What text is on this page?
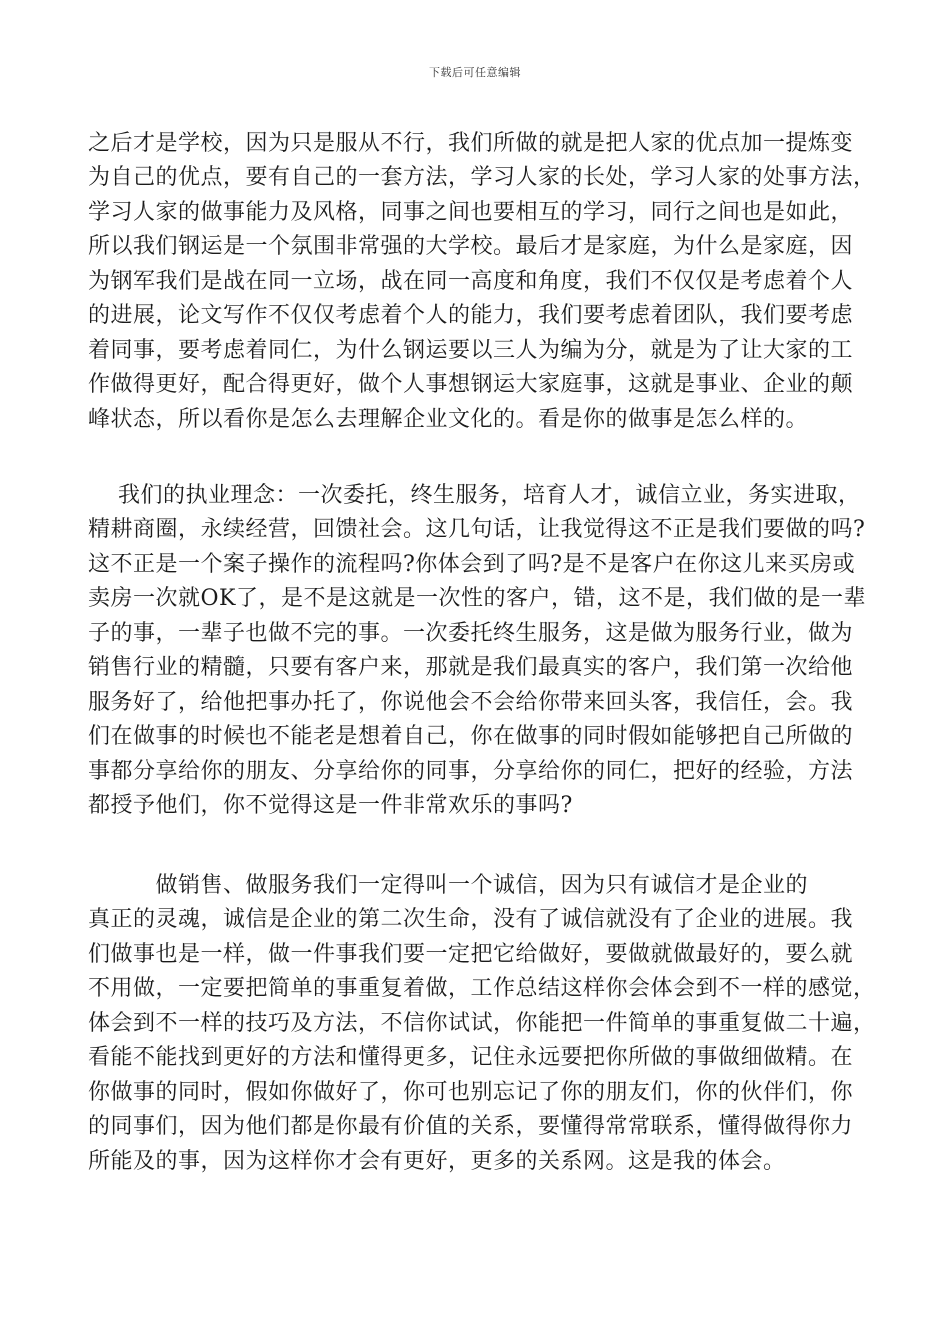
下载后可任意编辑
之后才是学校，因为只是服从不行，我们所做的就是把人家的优点加一提炼变
为自己的优点，要有自己的一套方法，学习人家的长处，学习人家的处事方法，
学习人家的做事能力及风格，同事之间也要相互的学习，同行之间也是如此，
所以我们钢运是一个氛围非常强的大学校。最后才是家庭，为什么是家庭，因
为钢军我们是战在同一立场，战在同一高度和角度，我们不仅仅是考虑着个人
的进展，论文写作不仅仅考虑着个人的能力，我们要考虑着团队，我们要考虑
着同事，要考虑着同仁，为什么钢运要以三人为编为分，就是为了让大家的工
作做得更好，配合得更好，做个人事想钢运大家庭事，这就是事业、企业的颠
峰状态，所以看你是怎么去理解企业文化的。看是你的做事是怎么样的。
我们的执业理念：一次委托，终生服务，培育人才，诚信立业，务实进取，
精耕商圈，永续经营，回馈社会。这几句话，让我觉得这不正是我们要做的吗?
这不正是一个案子操作的流程吗?你体会到了吗?是不是客户在你这儿来买房或
卖房一次就OK了，是不是这就是一次性的客户，错，这不是，我们做的是一辈
子的事，一辈子也做不完的事。一次委托终生服务，这是做为服务行业，做为
销售行业的精髓，只要有客户来，那就是我们最真实的客户，我们第一次给他
服务好了，给他把事办托了，你说他会不会给你带来回头客，我信任，会。我
们在做事的时候也不能老是想着自己，你在做事的同时假如能够把自己所做的
事都分享给你的朋友、分享给你的同事，分享给你的同仁，把好的经验，方法
都授予他们，你不觉得这是一件非常欢乐的事吗?
做销售、做服务我们一定得叫一个诚信，因为只有诚信才是企业的
真正的灵魂，诚信是企业的第二次生命，没有了诚信就没有了企业的进展。我
们做事也是一样，做一件事我们要一定把它给做好，要做就做最好的，要么就
不用做，一定要把简单的事重复着做，工作总结这样你会体会到不一样的感觉，
体会到不一样的技巧及方法，不信你试试，你能把一件简单的事重复做二十遍，
看能不能找到更好的方法和懂得更多，记住永远要把你所做的事做细做精。在
你做事的同时，假如你做好了，你可也别忘记了你的朋友们，你的伙伴们，你
的同事们，因为他们都是你最有价值的关系，要懂得常常联系，懂得做得你力
所能及的事，因为这样你才会有更好，更多的关系网。这是我的体会。
